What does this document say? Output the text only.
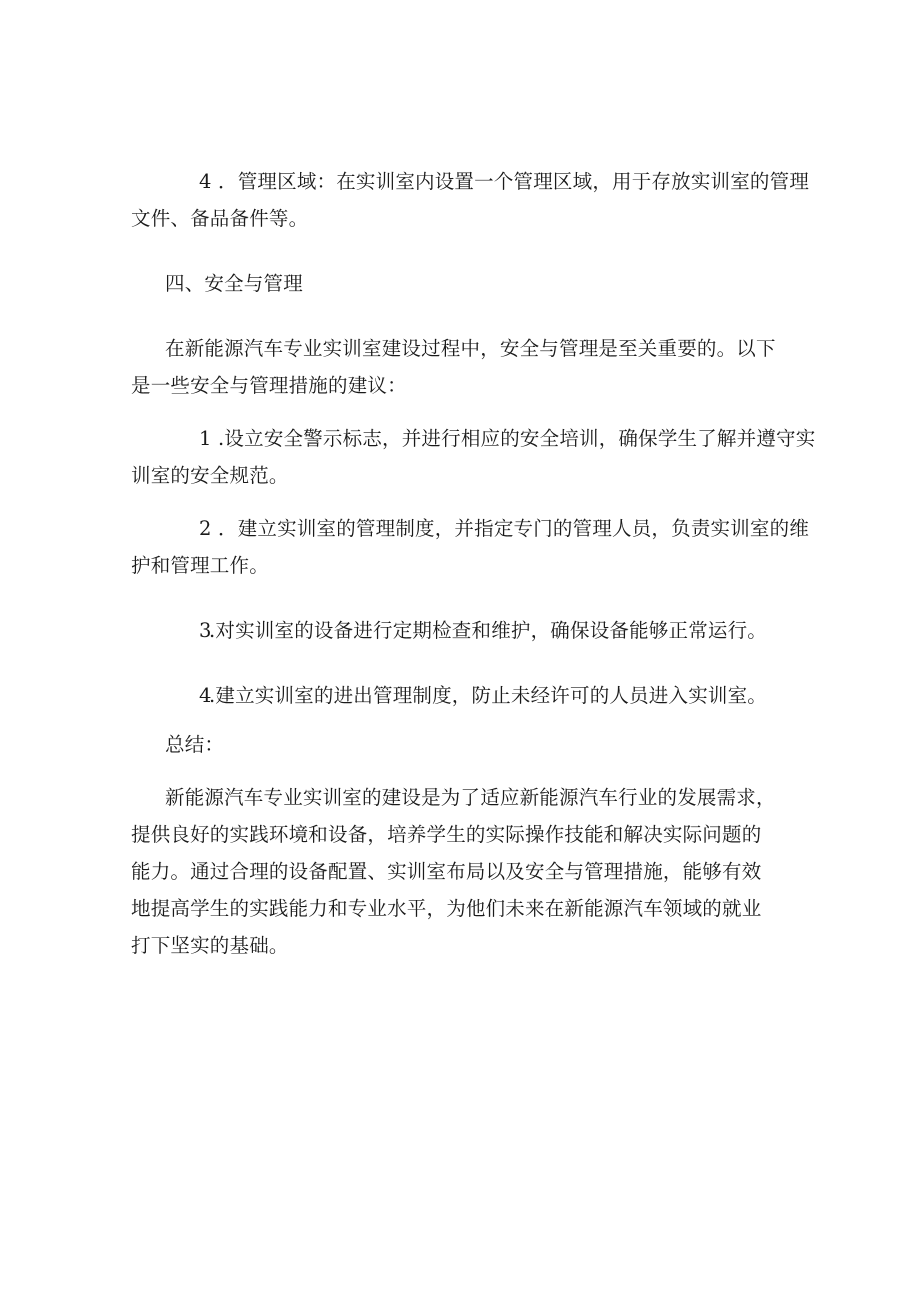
4 ．管理区域：在实训室内设置一个管理区域，用于存放实训室的管理
文件、备品备件等。

四、安全与管理

在新能源汽车专业实训室建设过程中，安全与管理是至关重要的。以下
是一些安全与管理措施的建议：

1 .设立安全警示标志，并进行相应的安全培训，确保学生了解并遵守实
训室的安全规范。

2 ．建立实训室的管理制度，并指定专门的管理人员，负责实训室的维
护和管理工作。

3.对实训室的设备进行定期检查和维护，确保设备能够正常运行。

4.建立实训室的进出管理制度，防止未经许可的人员进入实训室。

总结：

新能源汽车专业实训室的建设是为了适应新能源汽车行业的发展需求，
提供良好的实践环境和设备，培养学生的实际操作技能和解决实际问题的
能力。通过合理的设备配置、实训室布局以及安全与管理措施，能够有效
地提高学生的实践能力和专业水平，为他们未来在新能源汽车领域的就业
打下坚实的基础。
